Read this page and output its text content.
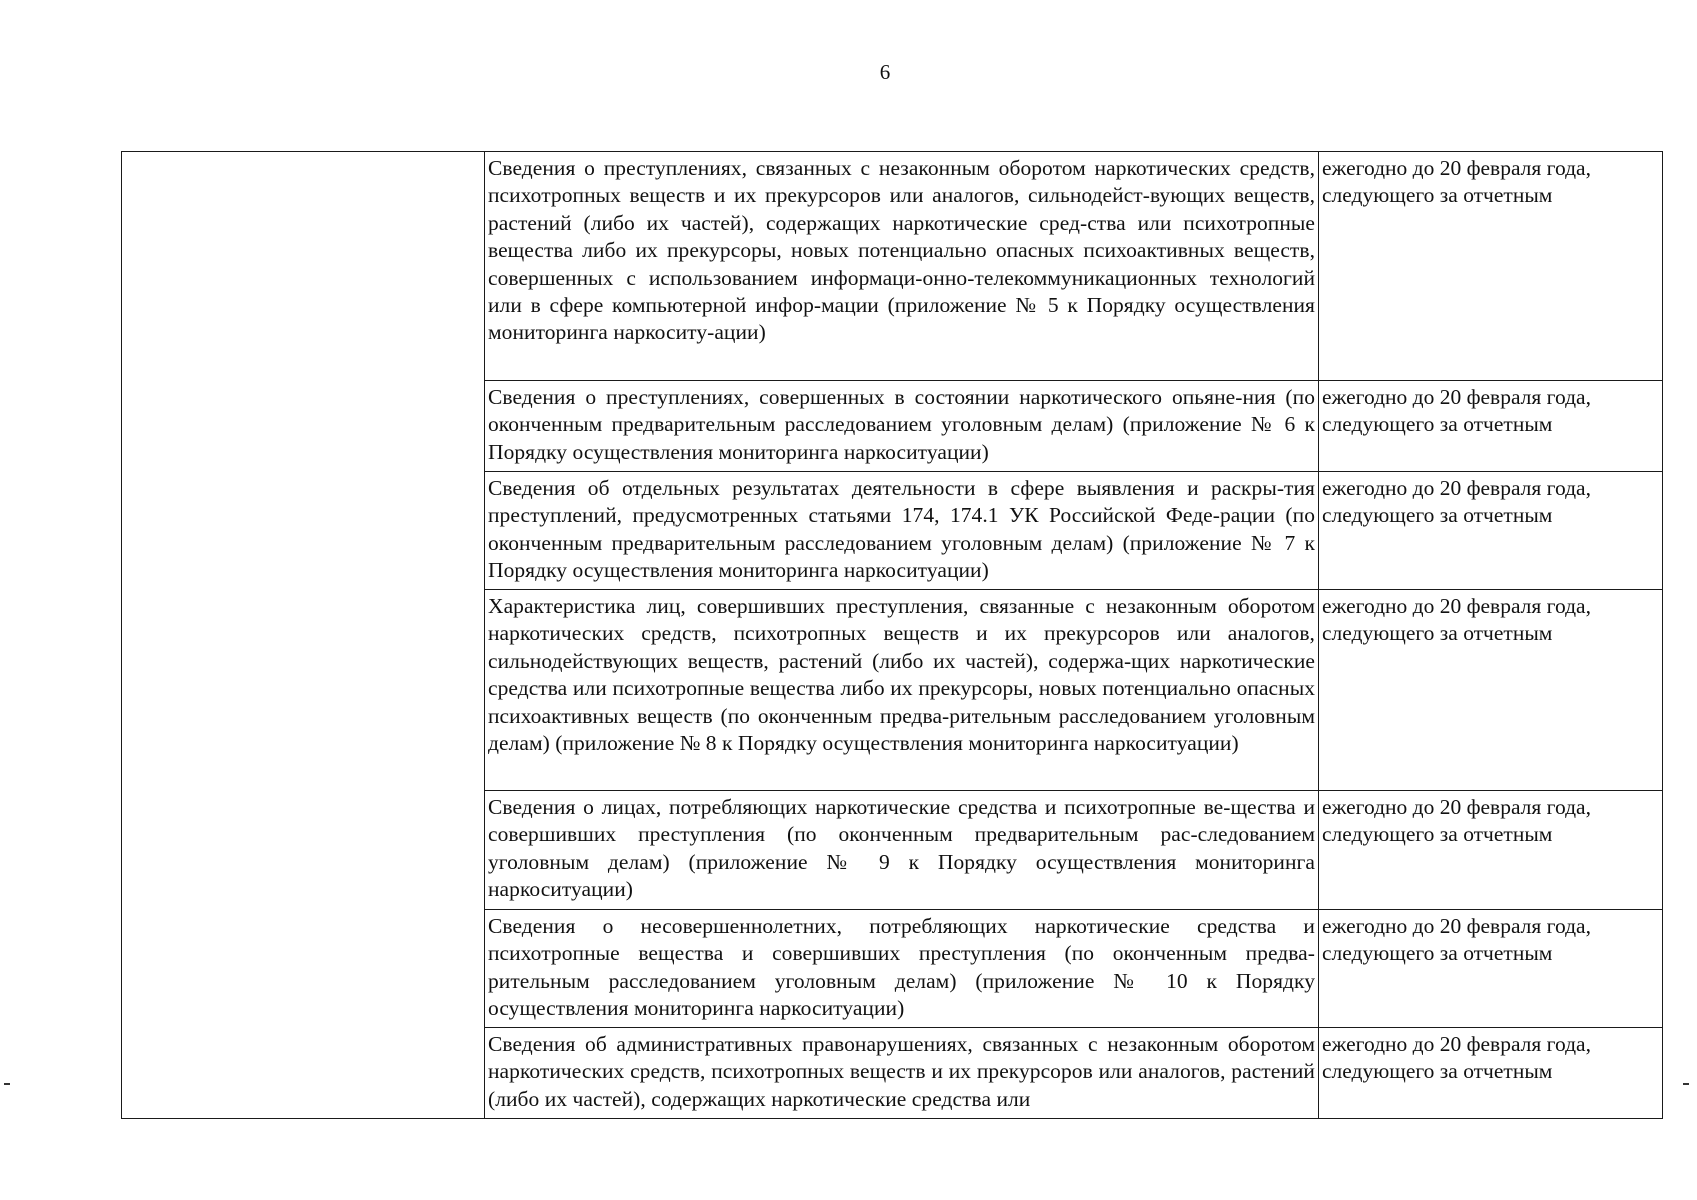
6
	Сведения о преступлениях, связанных с незаконным оборотом наркотических средств, психотропных веществ и их прекурсоров или аналогов, сильнодейст-вующих веществ, растений (либо их частей), содержащих наркотические сред-ства или психотропные вещества либо их прекурсоры, новых потенциально опасных психоактивных веществ, совершенных с использованием информаци-онно-телекоммуникационных технологий или в сфере компьютерной инфор-мации (приложение № 5 к Порядку осуществления мониторинга наркоситу-ации)	ежегодно до 20 февраля года, следующего за отчетным
	Сведения о преступлениях, совершенных в состоянии наркотического опьяне-ния (по оконченным предварительным расследованием уголовным делам) (приложение № 6 к Порядку осуществления мониторинга наркоситуации)	ежегодно до 20 февраля года, следующего за отчетным
	Сведения об отдельных результатах деятельности в сфере выявления и раскры-тия преступлений, предусмотренных статьями 174, 174.1 УК Российской Феде-рации (по оконченным предварительным расследованием уголовным делам) (приложение № 7 к Порядку осуществления мониторинга наркоситуации)	ежегодно до 20 февраля года, следующего за отчетным
	Характеристика лиц, совершивших преступления, связанные с незаконным оборотом наркотических средств, психотропных веществ и их прекурсоров или аналогов, сильнодействующих веществ, растений (либо их частей), содержа-щих наркотические средства или психотропные вещества либо их прекурсоры, новых потенциально опасных психоактивных веществ (по оконченным предва-рительным расследованием уголовным делам) (приложение № 8 к Порядку осуществления мониторинга наркоситуации)	ежегодно до 20 февраля года, следующего за отчетным
	Сведения о лицах, потребляющих наркотические средства и психотропные ве-щества и совершивших преступления (по оконченным предварительным рас-следованием уголовным делам) (приложение № 9 к Порядку осуществления мониторинга наркоситуации)	ежегодно до 20 февраля года, следующего за отчетным
	Сведения о несовершеннолетних, потребляющих наркотические средства и психотропные вещества и совершивших преступления (по оконченным предва-рительным расследованием уголовным делам) (приложение № 10 к Порядку осуществления мониторинга наркоситуации)	ежегодно до 20 февраля года, следующего за отчетным
	Сведения об административных правонарушениях, связанных с незаконным оборотом наркотических средств, психотропных веществ и их прекурсоров или аналогов, растений (либо их частей), содержащих наркотические средства или	ежегодно до 20 февраля года, следующего за отчетным
